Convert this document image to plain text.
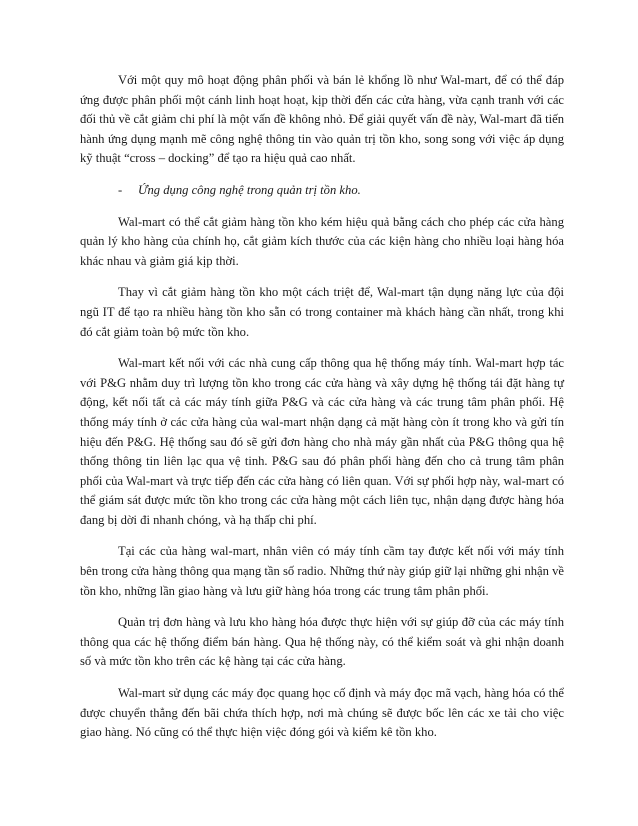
Với một quy mô hoạt động phân phối và bán lẻ khổng lồ như Wal-mart, để có thể đáp ứng được phân phối một cánh linh hoạt hoạt, kịp thời đến các cửa hàng, vừa cạnh tranh với các đối thủ về cắt giảm chi phí là một vấn đề không nhỏ. Để giải quyết vấn đề này, Wal-mart đã tiến hành ứng dụng mạnh mẽ công nghệ thông tin vào quản trị tồn kho, song song với việc áp dụng kỹ thuật “cross – docking” để tạo ra hiệu quả cao nhất.

-	Ứng dụng công nghệ trong quản trị tồn kho.

Wal-mart có thể cắt giảm hàng tồn kho kém hiệu quả bằng cách cho phép các cửa hàng quản lý kho hàng của chính họ, cắt giảm kích thước của các kiện hàng cho nhiều loại hàng hóa khác nhau và giảm giá kịp thời.

Thay vì cắt giảm hàng tồn kho một cách triệt để, Wal-mart tận dụng năng lực của đội ngũ IT để tạo ra nhiều hàng tồn kho sẵn có trong container mà khách hàng cần nhất, trong khi đó cắt giảm toàn bộ mức tồn kho.

Wal-mart kết nối với các nhà cung cấp thông qua hệ thống máy tính. Wal-mart hợp tác với P&G nhằm duy trì lượng tồn kho trong các cửa hàng và xây dựng hệ thống tái đặt hàng tự động, kết nối tất cả các máy tính giữa P&G và các cửa hàng và các trung tâm phân phối. Hệ thống máy tính ở các cửa hàng của wal-mart nhận dạng cả mặt hàng còn ít trong kho và gửi tín hiệu đến P&G. Hệ thống sau đó sẽ gửi đơn hàng cho nhà máy gần nhất của P&G thông qua hệ thống thông tin liên lạc qua vệ tinh. P&G sau đó phân phối hàng đến cho cả trung tâm phân phối của Wal-mart và trực tiếp đến các cửa hàng có liên quan. Với sự phối hợp này, wal-mart có thể giám sát được mức tồn kho trong các cửa hàng một cách liên tục, nhận dạng được hàng hóa đang bị dời đi nhanh chóng, và hạ thấp chi phí.

Tại các của hàng wal-mart, nhân viên có máy tính cầm tay được kết nối với máy tính bên trong cửa hàng thông qua mạng tần số radio. Những thứ này giúp giữ lại những ghi nhận về tồn kho, những lần giao hàng và lưu giữ hàng hóa trong các trung tâm phân phối.

Quản trị đơn hàng và lưu kho hàng hóa được thực hiện với sự giúp đỡ của các máy tính thông qua các hệ thống điểm bán hàng. Qua hệ thống này, có thể kiểm soát và ghi nhận doanh số và mức tồn kho trên các kệ hàng tại các cửa hàng.

Wal-mart sử dụng các máy đọc quang học cố định và máy đọc mã vạch, hàng hóa có thể được chuyển thẳng đến bãi chứa thích hợp, nơi mà chúng sẽ được bốc lên các xe tải cho việc giao hàng. Nó cũng có thể thực hiện việc đóng gói và kiểm kê tồn kho.
